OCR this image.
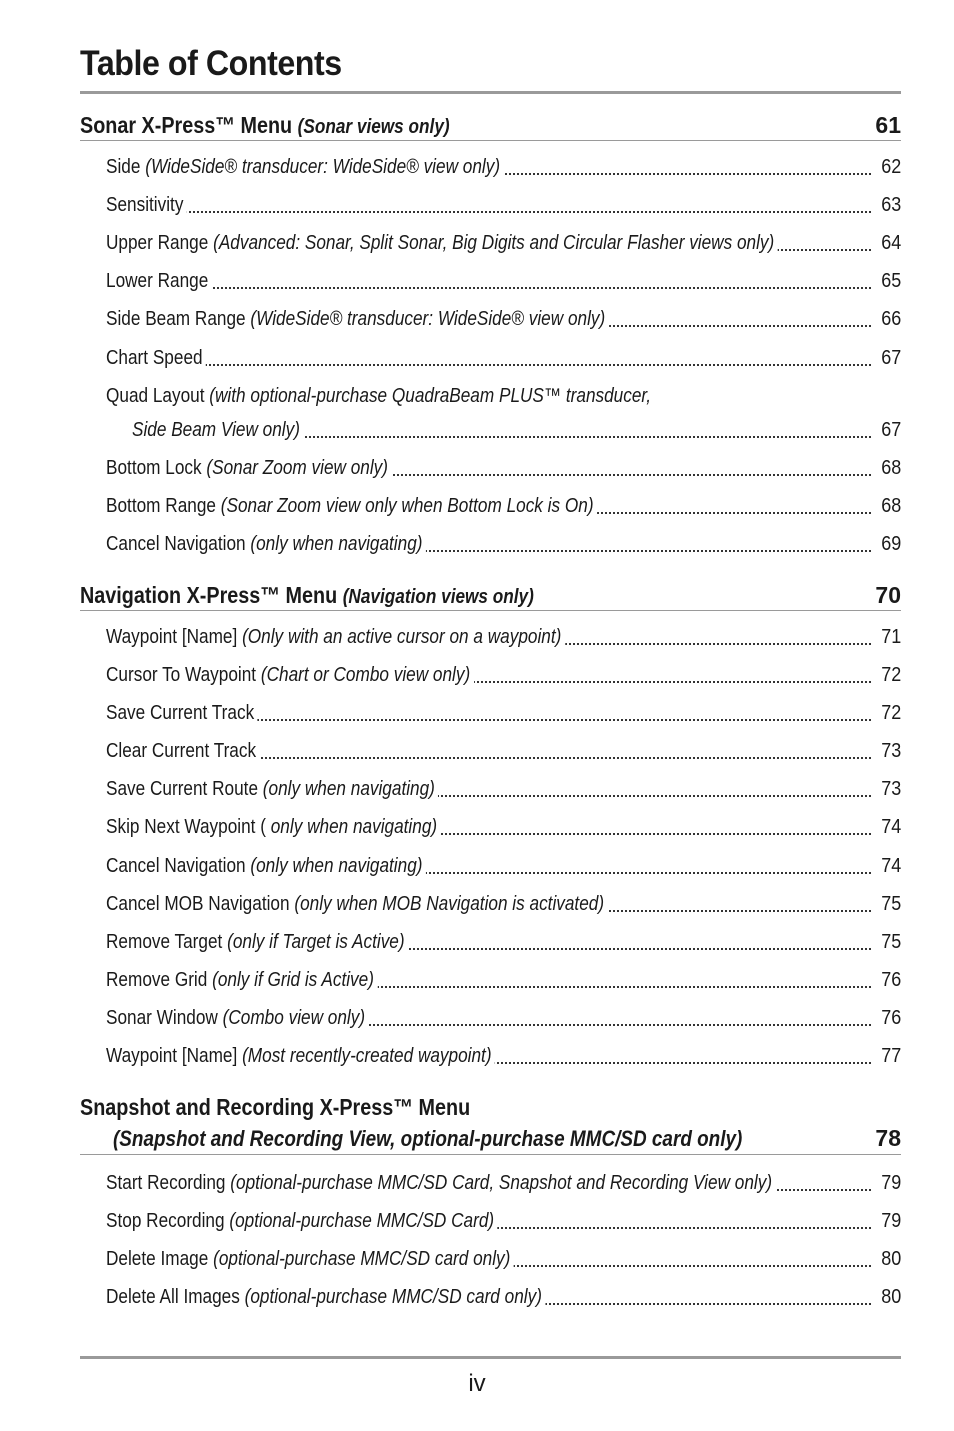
Table of Contents
Sonar X-Press™ Menu (Sonar views only)	61
Side (WideSide® transducer: WideSide® view only)	62
Sensitivity	63
Upper Range (Advanced: Sonar, Split Sonar, Big Digits and Circular Flasher views only)	64
Lower Range	65
Side Beam Range (WideSide® transducer: WideSide® view only)	66
Chart Speed	67
Quad Layout (with optional-purchase QuadraBeam PLUS™ transducer,
Side Beam View only)	67
Bottom Lock (Sonar Zoom view only)	68
Bottom Range (Sonar Zoom view only when Bottom Lock is On)	68
Cancel Navigation (only when navigating)	69
Navigation X-Press™ Menu (Navigation views only)	70
Waypoint [Name] (Only with an active cursor on a waypoint)	71
Cursor To Waypoint (Chart or Combo view only)	72
Save Current Track	72
Clear Current Track	73
Save Current Route (only when navigating)	73
Skip Next Waypoint ( only when navigating)	74
Cancel Navigation (only when navigating)	74
Cancel MOB Navigation (only when MOB Navigation is activated)	75
Remove Target (only if Target is Active)	75
Remove Grid (only if Grid is Active)	76
Sonar Window (Combo view only)	76
Waypoint [Name] (Most recently-created waypoint)	77
Snapshot and Recording X-Press™ Menu
(Snapshot and Recording View, optional-purchase MMC/SD card only)	78
Start Recording (optional-purchase MMC/SD Card, Snapshot and Recording View only)	79
Stop Recording (optional-purchase MMC/SD Card)	79
Delete Image (optional-purchase MMC/SD card only)	80
Delete All Images (optional-purchase MMC/SD card only)	80
iv
